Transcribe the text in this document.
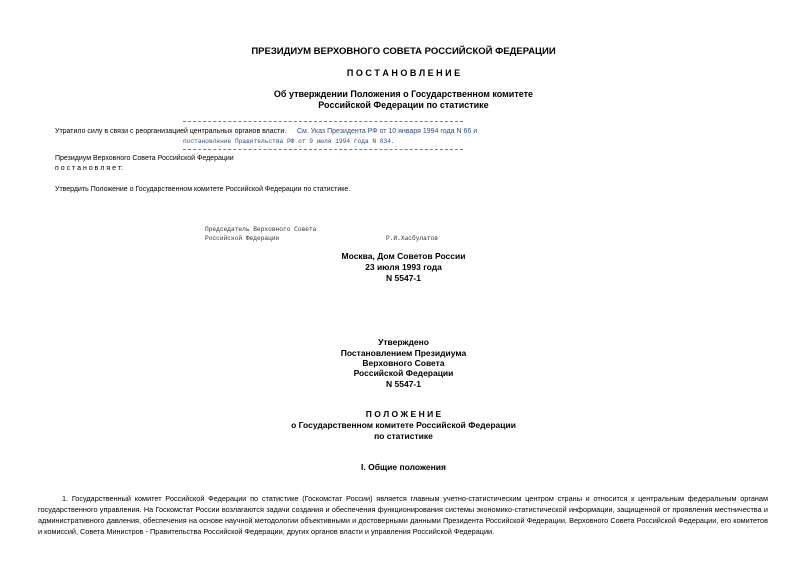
ПРЕЗИДИУМ ВЕРХОВНОГО СОВЕТА РОССИЙСКОЙ ФЕДЕРАЦИИ
П О С Т А Н О В Л Е Н И Е
Об утверждении Положения о Государственном комитете
Российской Федерации по статистике
Утратило силу в связи с реорганизацией центральных органов власти. См. Указ Президента РФ от 10 января 1994 года N 66 и
постановление Правительства РФ от 9 июля 1994 года N 834.
Президиум Верховного Совета Российской Федерации
п о с т а н о в л я е т:
Утвердить Положение о Государственном комитете Российской Федерации по статистике.
Председатель Верховного Совета
Российской Федерации	Р.И.Хасбулатов
Москва, Дом Советов России
23 июля 1993 года
N 5547-1
Утверждено
Постановлением Президиума
Верховного Совета
Российской Федерации
N 5547-1
П О Л О Ж Е Н И Е
о Государственном комитете Российской Федерации
по статистике
I. Общие положения

1. Государственный комитет Российской Федерации по статистике (Госкомстат России) является главным учетно-статистическим центром страны и относится к центральным федеральным органам государственного управления. На Госкомстат России возлагаются задачи создания и обеспечения функционирования системы экономико-статистической информации, защищенной от проявления местничества и административного давления, обеспечения на основе научной методологии объективными и достоверными данными Президента Российской Федерации, Верховного Совета Российской Федерации, его комитетов и комиссий, Совета Министров - Правительства Российской Федерации, других органов власти и управления Российской Федерации.
